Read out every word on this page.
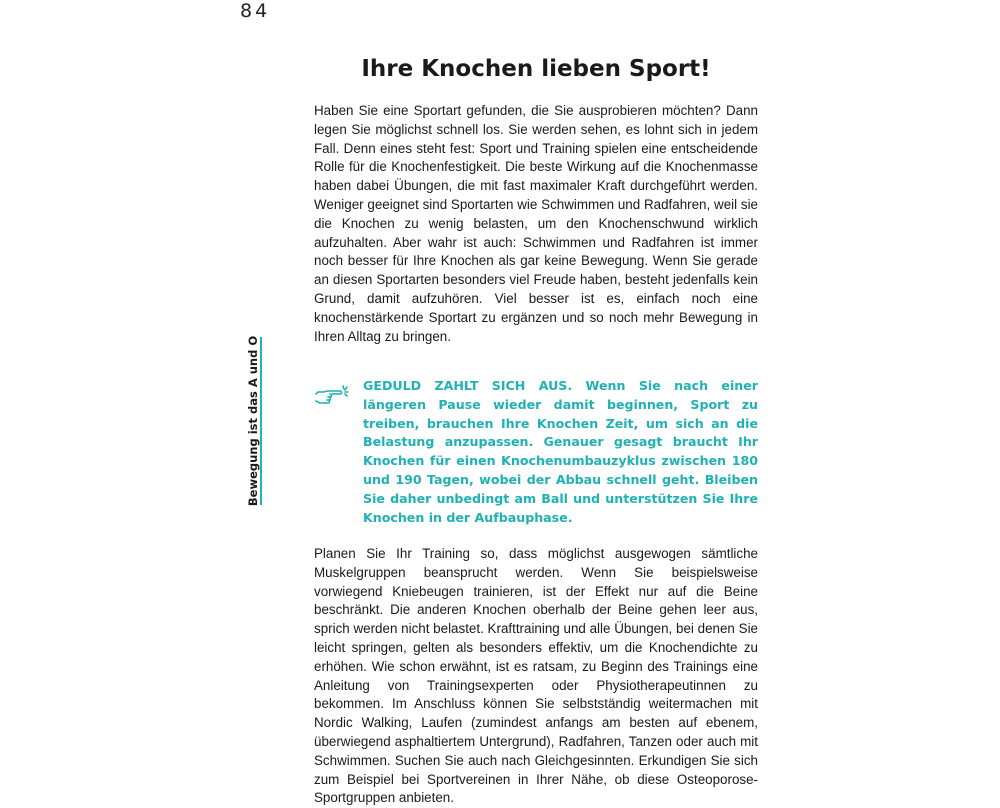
84
Ihre Knochen lieben Sport!
Bewegung ist das A und O

Haben Sie eine Sportart gefunden, die Sie ausprobieren möchten? Dann legen Sie möglichst schnell los. Sie werden sehen, es lohnt sich in jedem Fall. Denn eines steht fest: Sport und Training spielen eine entscheidende Rolle für die Knochenfestigkeit. Die beste Wirkung auf die Knochenmasse haben dabei Übungen, die mit fast maximaler Kraft durchgeführt werden. Weniger geeignet sind Sportarten wie Schwimmen und Radfahren, weil sie die Knochen zu wenig belasten, um den Knochenschwund wirklich aufzuhalten. Aber wahr ist auch: Schwimmen und Radfahren ist immer noch besser für Ihre Knochen als gar keine Bewegung. Wenn Sie gerade an diesen Sportarten besonders viel Freude haben, besteht jedenfalls kein Grund, damit aufzuhören. Viel besser ist es, einfach noch eine knochenstärkende Sportart zu ergänzen und so noch mehr Bewegung in Ihren Alltag zu bringen.

GEDULD ZAHLT SICH AUS. Wenn Sie nach einer längeren Pause wieder damit beginnen, Sport zu treiben, brauchen Ihre Knochen Zeit, um sich an die Belastung anzupassen. Genauer gesagt braucht Ihr Knochen für einen Knochenumbauzyklus zwischen 180 und 190 Tagen, wobei der Abbau schnell geht. Bleiben Sie daher unbedingt am Ball und unterstützen Sie Ihre Knochen in der Aufbauphase.

Planen Sie Ihr Training so, dass möglichst ausgewogen sämtliche Muskelgruppen beansprucht werden. Wenn Sie beispielsweise vorwiegend Kniebeugen trainieren, ist der Effekt nur auf die Beine beschränkt. Die anderen Knochen oberhalb der Beine gehen leer aus, sprich werden nicht belastet. Krafttraining und alle Übungen, bei denen Sie leicht springen, gelten als besonders effektiv, um die Knochendichte zu erhöhen. Wie schon erwähnt, ist es ratsam, zu Beginn des Trainings eine Anleitung von Trainingsexperten oder Physiotherapeutinnen zu bekommen. Im Anschluss können Sie selbstständig weitermachen mit Nordic Walking, Laufen (zumindest anfangs am besten auf ebenem, überwiegend asphaltiertem Untergrund), Radfahren, Tanzen oder auch mit Schwimmen. Suchen Sie auch nach Gleichgesinnten. Erkundigen Sie sich zum Beispiel bei Sportvereinen in Ihrer Nähe, ob diese Osteoporose-Sportgruppen anbieten.
